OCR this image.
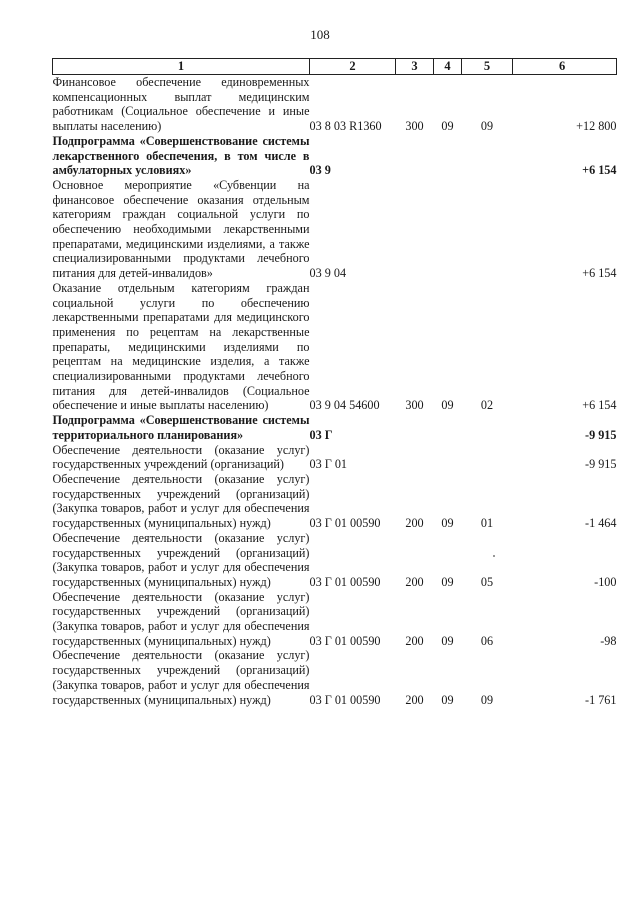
108
1	2	3	4	5	6
Финансовое обеспечение единовременных компенсационных выплат медицинским работникам (Социальное обеспечение и иные выплаты населению)	03 8 03 R1360	300	09	09	+12 800
Подпрограмма «Совершенствование системы лекарственного обеспечения, в том числе в амбулаторных условиях»	03 9				+6 154
Основное мероприятие «Субвенции на финансовое обеспечение оказания отдельным категориям граждан социальной услуги по обеспечению необходимыми лекарственными препаратами, медицинскими изделиями, а также специализированными продуктами лечебного питания для детей-инвалидов»	03 9 04				+6 154
Оказание отдельным категориям граждан социальной услуги по обеспечению лекарственными препаратами для медицинского применения по рецептам на лекарственные препараты, медицинскими изделиями по рецептам на медицинские изделия, а также специализированными продуктами лечебного питания для детей-инвалидов (Социальное обеспечение и иные выплаты населению)	03 9 04 54600	300	09	02	+6 154
Подпрограмма «Совершенствование системы территориального планирования»	03 Г				-9 915
Обеспечение деятельности (оказание услуг) государственных учреждений (организаций)	03 Г 01				-9 915
Обеспечение деятельности (оказание услуг) государственных учреждений (организаций) (Закупка товаров, работ и услуг для обеспечения государственных (муниципальных) нужд)	03 Г 01 00590	200	09	01	-1 464
Обеспечение деятельности (оказание услуг) государственных учреждений (организаций) (Закупка товаров, работ и услуг для обеспечения государственных (муниципальных) нужд)	03 Г 01 00590	200	09	05	-100
Обеспечение деятельности (оказание услуг) государственных учреждений (организаций) (Закупка товаров, работ и услуг для обеспечения государственных (муниципальных) нужд)	03 Г 01 00590	200	09	06	-98
Обеспечение деятельности (оказание услуг) государственных учреждений (организаций) (Закупка товаров, работ и услуг для обеспечения государственных (муниципальных) нужд)	03 Г 01 00590	200	09	09	-1 761
